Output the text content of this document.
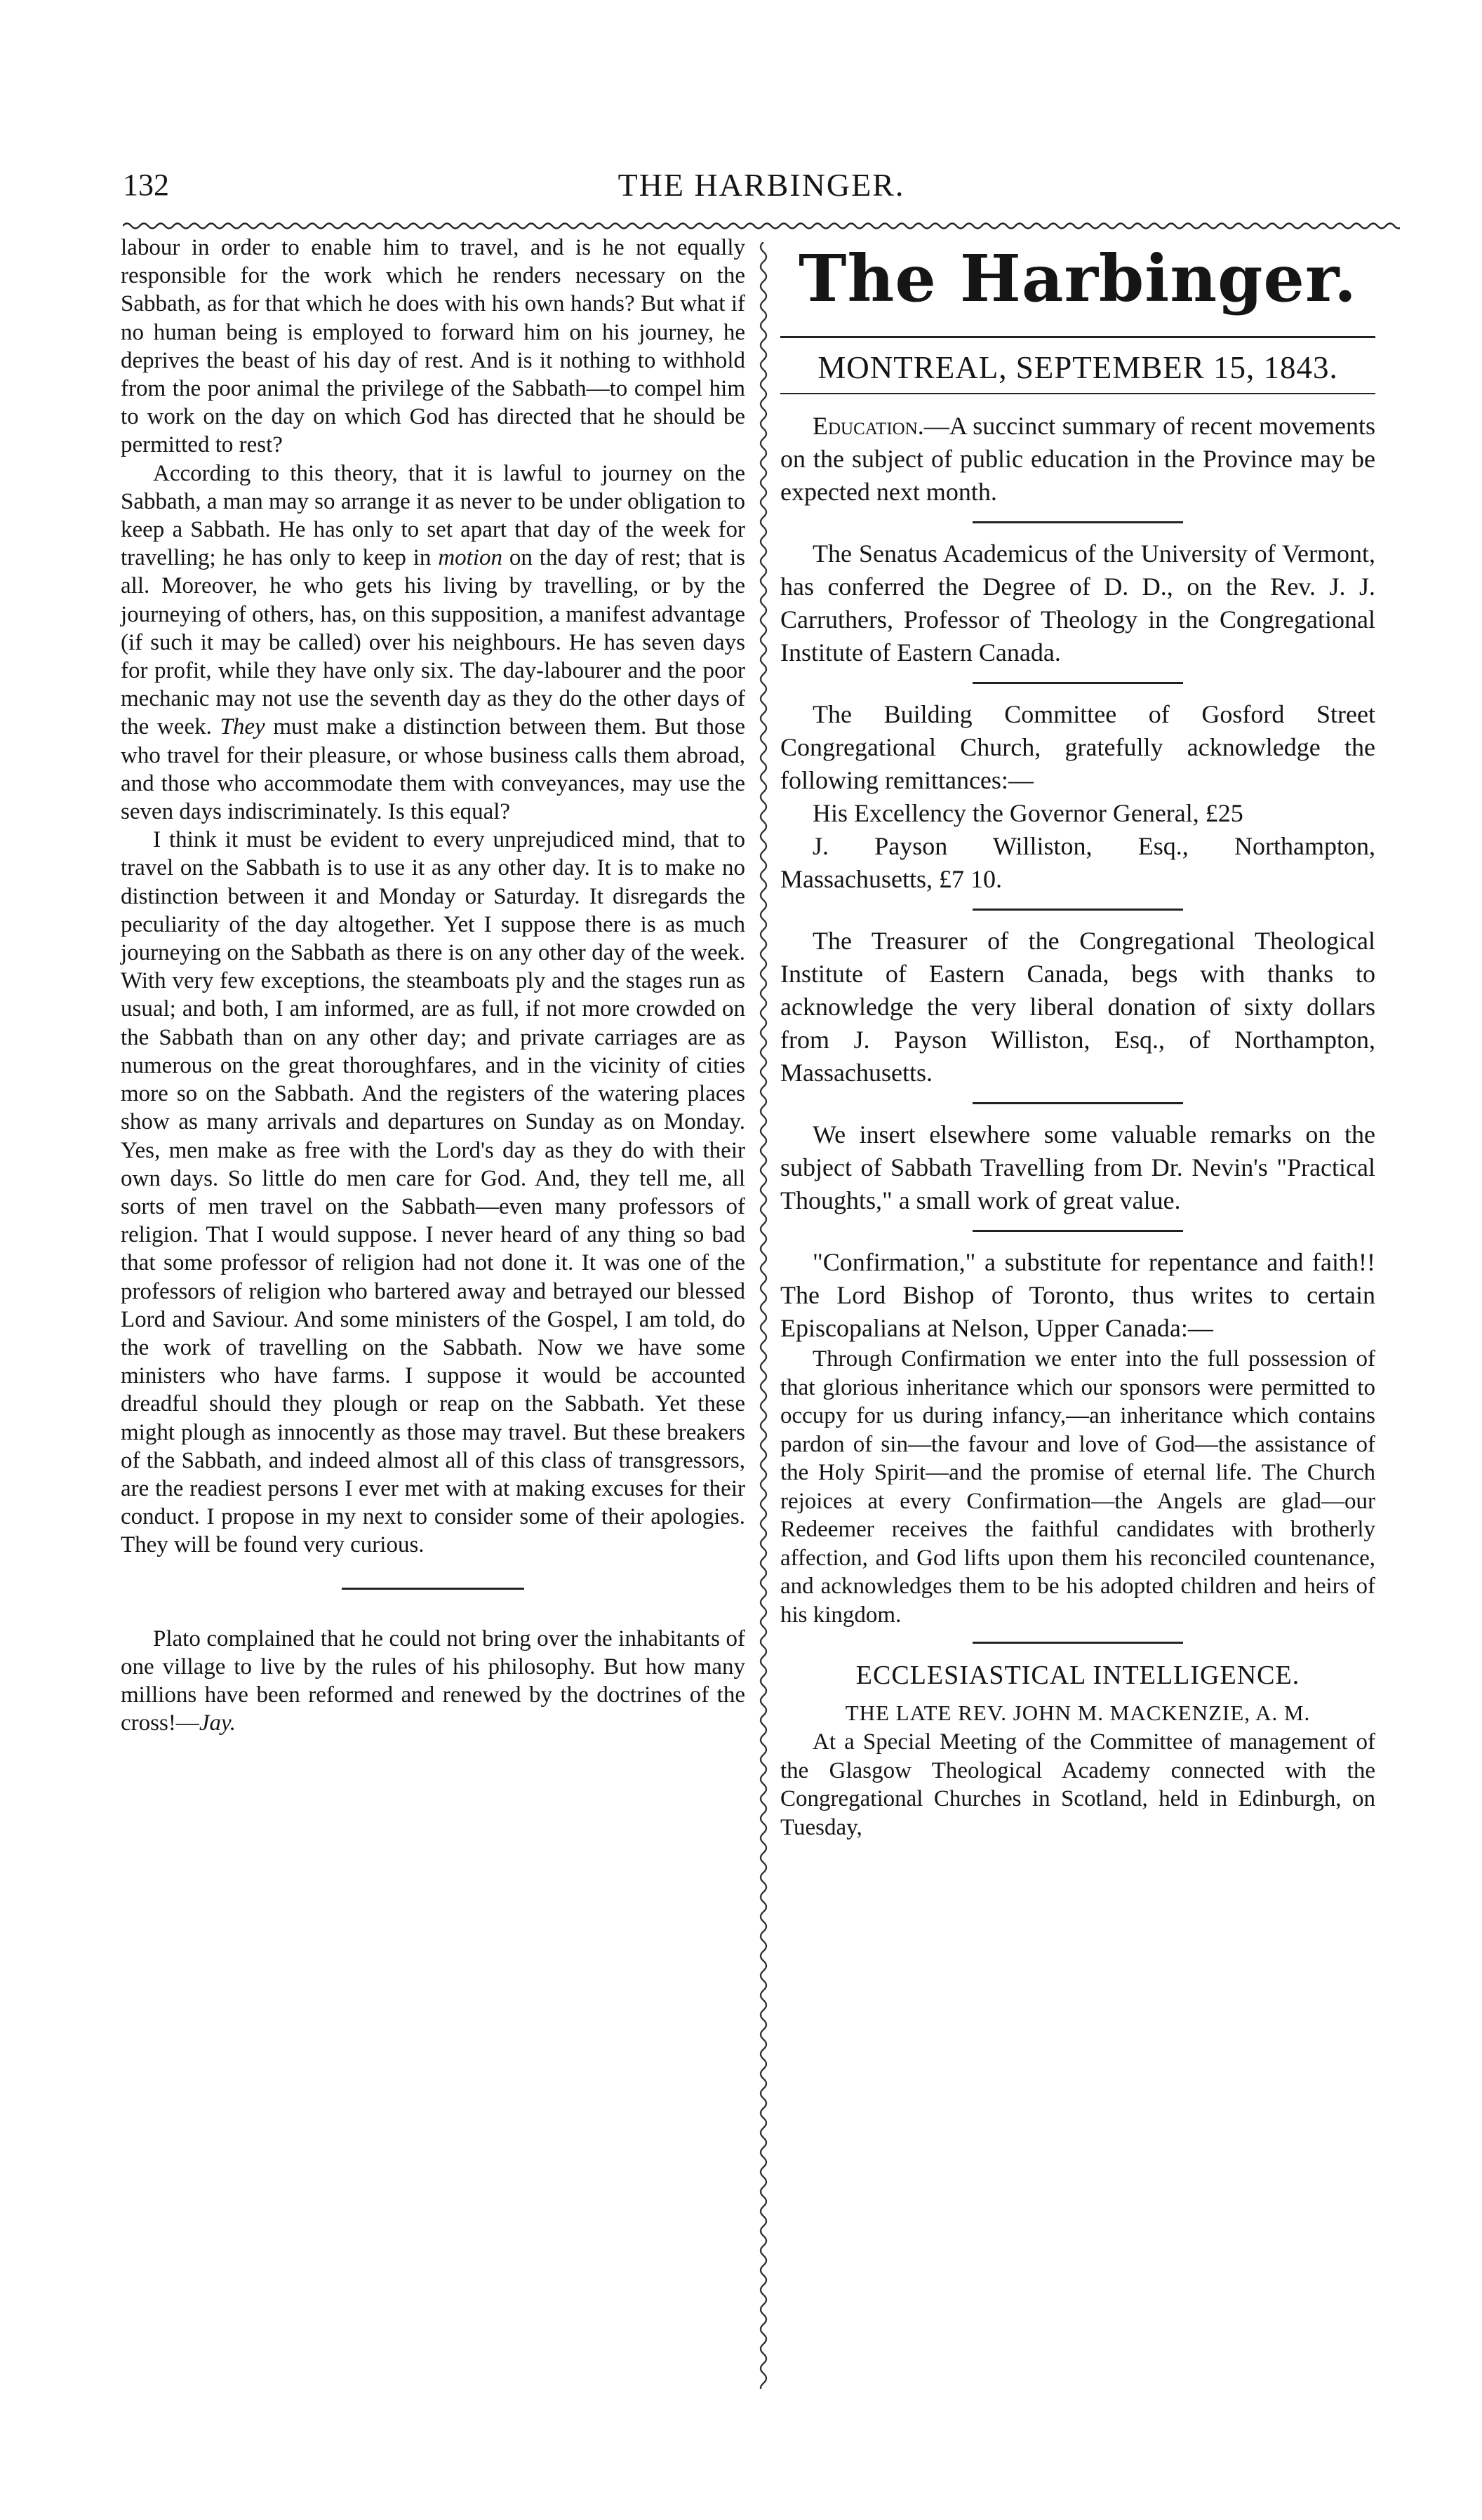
132	THE HARBINGER.

labour in order to enable him to travel, and is he not equally responsible for the work which he renders necessary on the Sabbath, as for that which he does with his own hands? But what if no human being is employed to forward him on his journey, he deprives the beast of his day of rest. And is it nothing to withhold from the poor animal the privilege of the Sabbath—to compel him to work on the day on which God has directed that he should be permitted to rest?

According to this theory, that it is lawful to journey on the Sabbath, a man may so arrange it as never to be under obligation to keep a Sabbath. He has only to set apart that day of the week for travelling; he has only to keep in motion on the day of rest; that is all. Moreover, he who gets his living by travelling, or by the journeying of others, has, on this supposition, a manifest advantage (if such it may be called) over his neighbours. He has seven days for profit, while they have only six. The day-labourer and the poor mechanic may not use the seventh day as they do the other days of the week. They must make a distinction between them. But those who travel for their pleasure, or whose business calls them abroad, and those who accommodate them with conveyances, may use the seven days indiscriminately. Is this equal?

I think it must be evident to every unprejudiced mind, that to travel on the Sabbath is to use it as any other day. It is to make no distinction between it and Monday or Saturday. It disregards the peculiarity of the day altogether. Yet I suppose there is as much journeying on the Sabbath as there is on any other day of the week. With very few exceptions, the steamboats ply and the stages run as usual; and both, I am informed, are as full, if not more crowded on the Sabbath than on any other day; and private carriages are as numerous on the great thoroughfares, and in the vicinity of cities more so on the Sabbath. And the registers of the watering places show as many arrivals and departures on Sunday as on Monday. Yes, men make as free with the Lord's day as they do with their own days. So little do men care for God. And, they tell me, all sorts of men travel on the Sabbath—even many professors of religion. That I would suppose. I never heard of any thing so bad that some professor of religion had not done it. It was one of the professors of religion who bartered away and betrayed our blessed Lord and Saviour. And some ministers of the Gospel, I am told, do the work of travelling on the Sabbath. Now we have some ministers who have farms. I suppose it would be accounted dreadful should they plough or reap on the Sabbath. Yet these might plough as innocently as those may travel. But these breakers of the Sabbath, and indeed almost all of this class of transgressors, are the readiest persons I ever met with at making excuses for their conduct. I propose in my next to consider some of their apologies. They will be found very curious.

Plato complained that he could not bring over the inhabitants of one village to live by the rules of his philosophy. But how many millions have been reformed and renewed by the doctrines of the cross!—Jay.

The Harbinger.
MONTREAL, SEPTEMBER 15, 1843.

Education.—A succinct summary of recent movements on the subject of public education in the Province may be expected next month.

The Senatus Academicus of the University of Vermont, has conferred the Degree of D. D., on the Rev. J. J. Carruthers, Professor of Theology in the Congregational Institute of Eastern Canada.

The Building Committee of Gosford Street Congregational Church, gratefully acknowledge the following remittances:—

His Excellency the Governor General, £25

J. Payson Williston, Esq., Northampton, Massachusetts, £7 10.

The Treasurer of the Congregational Theological Institute of Eastern Canada, begs with thanks to acknowledge the very liberal donation of sixty dollars from J. Payson Williston, Esq., of Northampton, Massachusetts.

We insert elsewhere some valuable remarks on the subject of Sabbath Travelling from Dr. Nevin's "Practical Thoughts," a small work of great value.

"Confirmation," a substitute for repentance and faith!! The Lord Bishop of Toronto, thus writes to certain Episcopalians at Nelson, Upper Canada:—

Through Confirmation we enter into the full possession of that glorious inheritance which our sponsors were permitted to occupy for us during infancy,—an inheritance which contains pardon of sin—the favour and love of God—the assistance of the Holy Spirit—and the promise of eternal life. The Church rejoices at every Confirmation—the Angels are glad—our Redeemer receives the faithful candidates with brotherly affection, and God lifts upon them his reconciled countenance, and acknowledges them to be his adopted children and heirs of his kingdom.

ECCLESIASTICAL INTELLIGENCE.
THE LATE REV. JOHN M. MACKENZIE, A. M.

At a Special Meeting of the Committee of management of the Glasgow Theological Academy connected with the Congregational Churches in Scotland, held in Edinburgh, on Tuesday,
